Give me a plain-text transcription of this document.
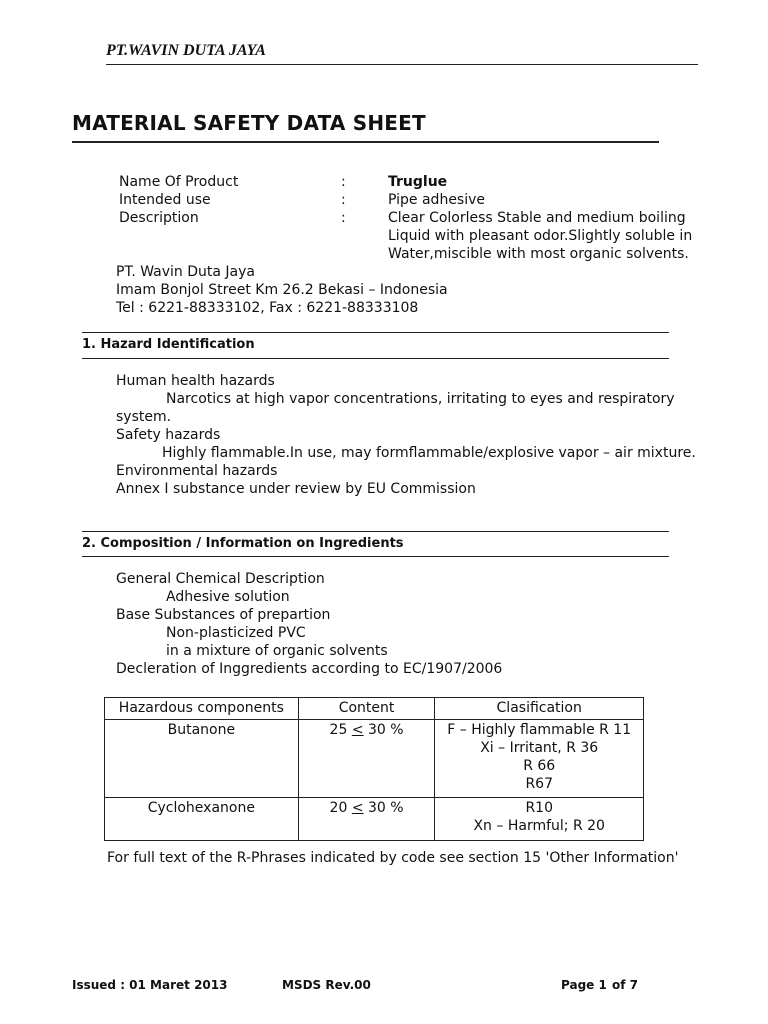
PT.WAVIN DUTA JAYA
MATERIAL SAFETY DATA SHEET
Name Of Product	:	Truglue
Intended use	:	Pipe adhesive
Description	:	Clear Colorless Stable and medium boiling
Liquid with pleasant odor.Slightly soluble in
Water,miscible with most organic solvents.
PT. Wavin Duta Jaya
Imam Bonjol Street Km 26.2 Bekasi – Indonesia
Tel : 6221-88333102, Fax : 6221-88333108
1. Hazard Identification
Human health hazards
Narcotics at high vapor concentrations, irritating to eyes and respiratory
system.
Safety hazards
Highly flammable.In use, may formflammable/explosive vapor – air mixture.
Environmental hazards
Annex I substance under review by EU Commission
2. Composition / Information on Ingredients
General Chemical Description
Adhesive solution
Base Substances of prepartion
Non-plasticized PVC
in a mixture of organic solvents
Decleration of Inggredients according to EC/1907/2006
Hazardous components	Content	Clasification
Butanone	25 ≤ 30 %	F – Highly flammable R 11
Xi – Irritant, R 36
R 66
R67

Cyclohexanone	20 ≤ 30 %	R10
Xn – Harmful; R 20
For full text of the R-Phrases indicated by code see section 15 'Other Information'
Issued : 01 Maret 2013	MSDS Rev.00	Page 1 of 7
